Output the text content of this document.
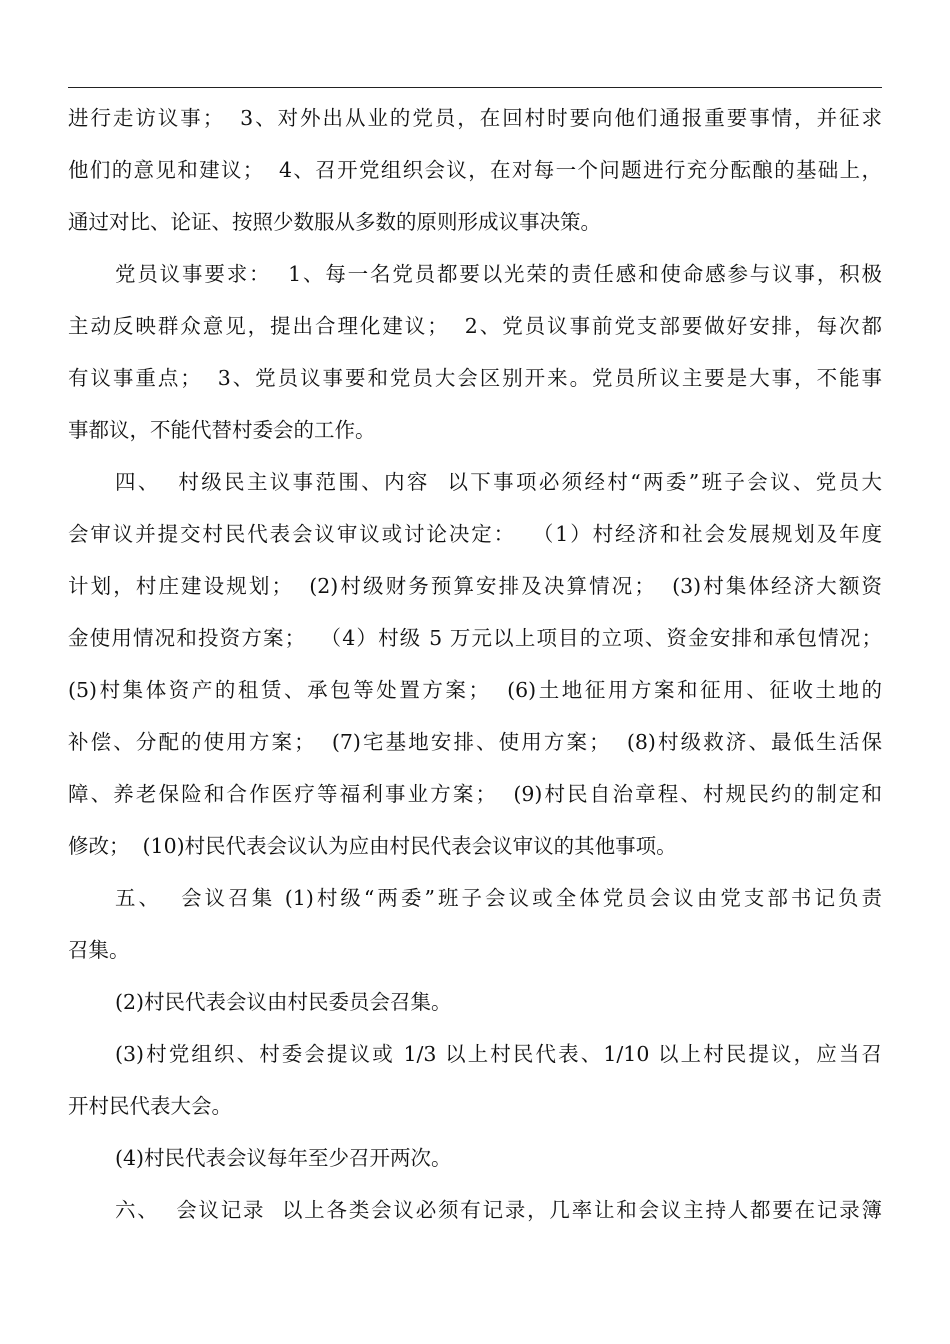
进行走访议事；  3、对外出从业的党员，在回村时要向他们通报重要事情，并征求
他们的意见和建议；  4、召开党组织会议，在对每一个问题进行充分酝酿的基础上，
通过对比、论证、按照少数服从多数的原则形成议事决策。
党员议事要求：  1、每一名党员都要以光荣的责任感和使命感参与议事，积极
主动反映群众意见，提出合理化建议；  2、党员议事前党支部要做好安排，每次都
有议事重点；  3、党员议事要和党员大会区别开来。党员所议主要是大事，不能事
事都议，不能代替村委会的工作。
四、  村级民主议事范围、内容  以下事项必须经村“两委”班子会议、党员大
会审议并提交村民代表会议审议或讨论决定：  （1）村经济和社会发展规划及年度
计划，村庄建设规划；  (2)村级财务预算安排及决算情况；  (3)村集体经济大额资
金使用情况和投资方案；  （4）村级 5 万元以上项目的立项、资金安排和承包情况；
(5)村集体资产的租赁、承包等处置方案；  (6)土地征用方案和征用、征收土地的
补偿、分配的使用方案；  (7)宅基地安排、使用方案；  (8)村级救济、最低生活保
障、养老保险和合作医疗等福利事业方案；  (9)村民自治章程、村规民约的制定和
修改；  (10)村民代表会议认为应由村民代表会议审议的其他事项。
五、  会议召集 (1)村级“两委”班子会议或全体党员会议由党支部书记负责
召集。
(2)村民代表会议由村民委员会召集。
(3)村党组织、村委会提议或 1/3 以上村民代表、1/10 以上村民提议，应当召
开村民代表大会。
(4)村民代表会议每年至少召开两次。
六、  会议记录  以上各类会议必须有记录，几率让和会议主持人都要在记录簿
